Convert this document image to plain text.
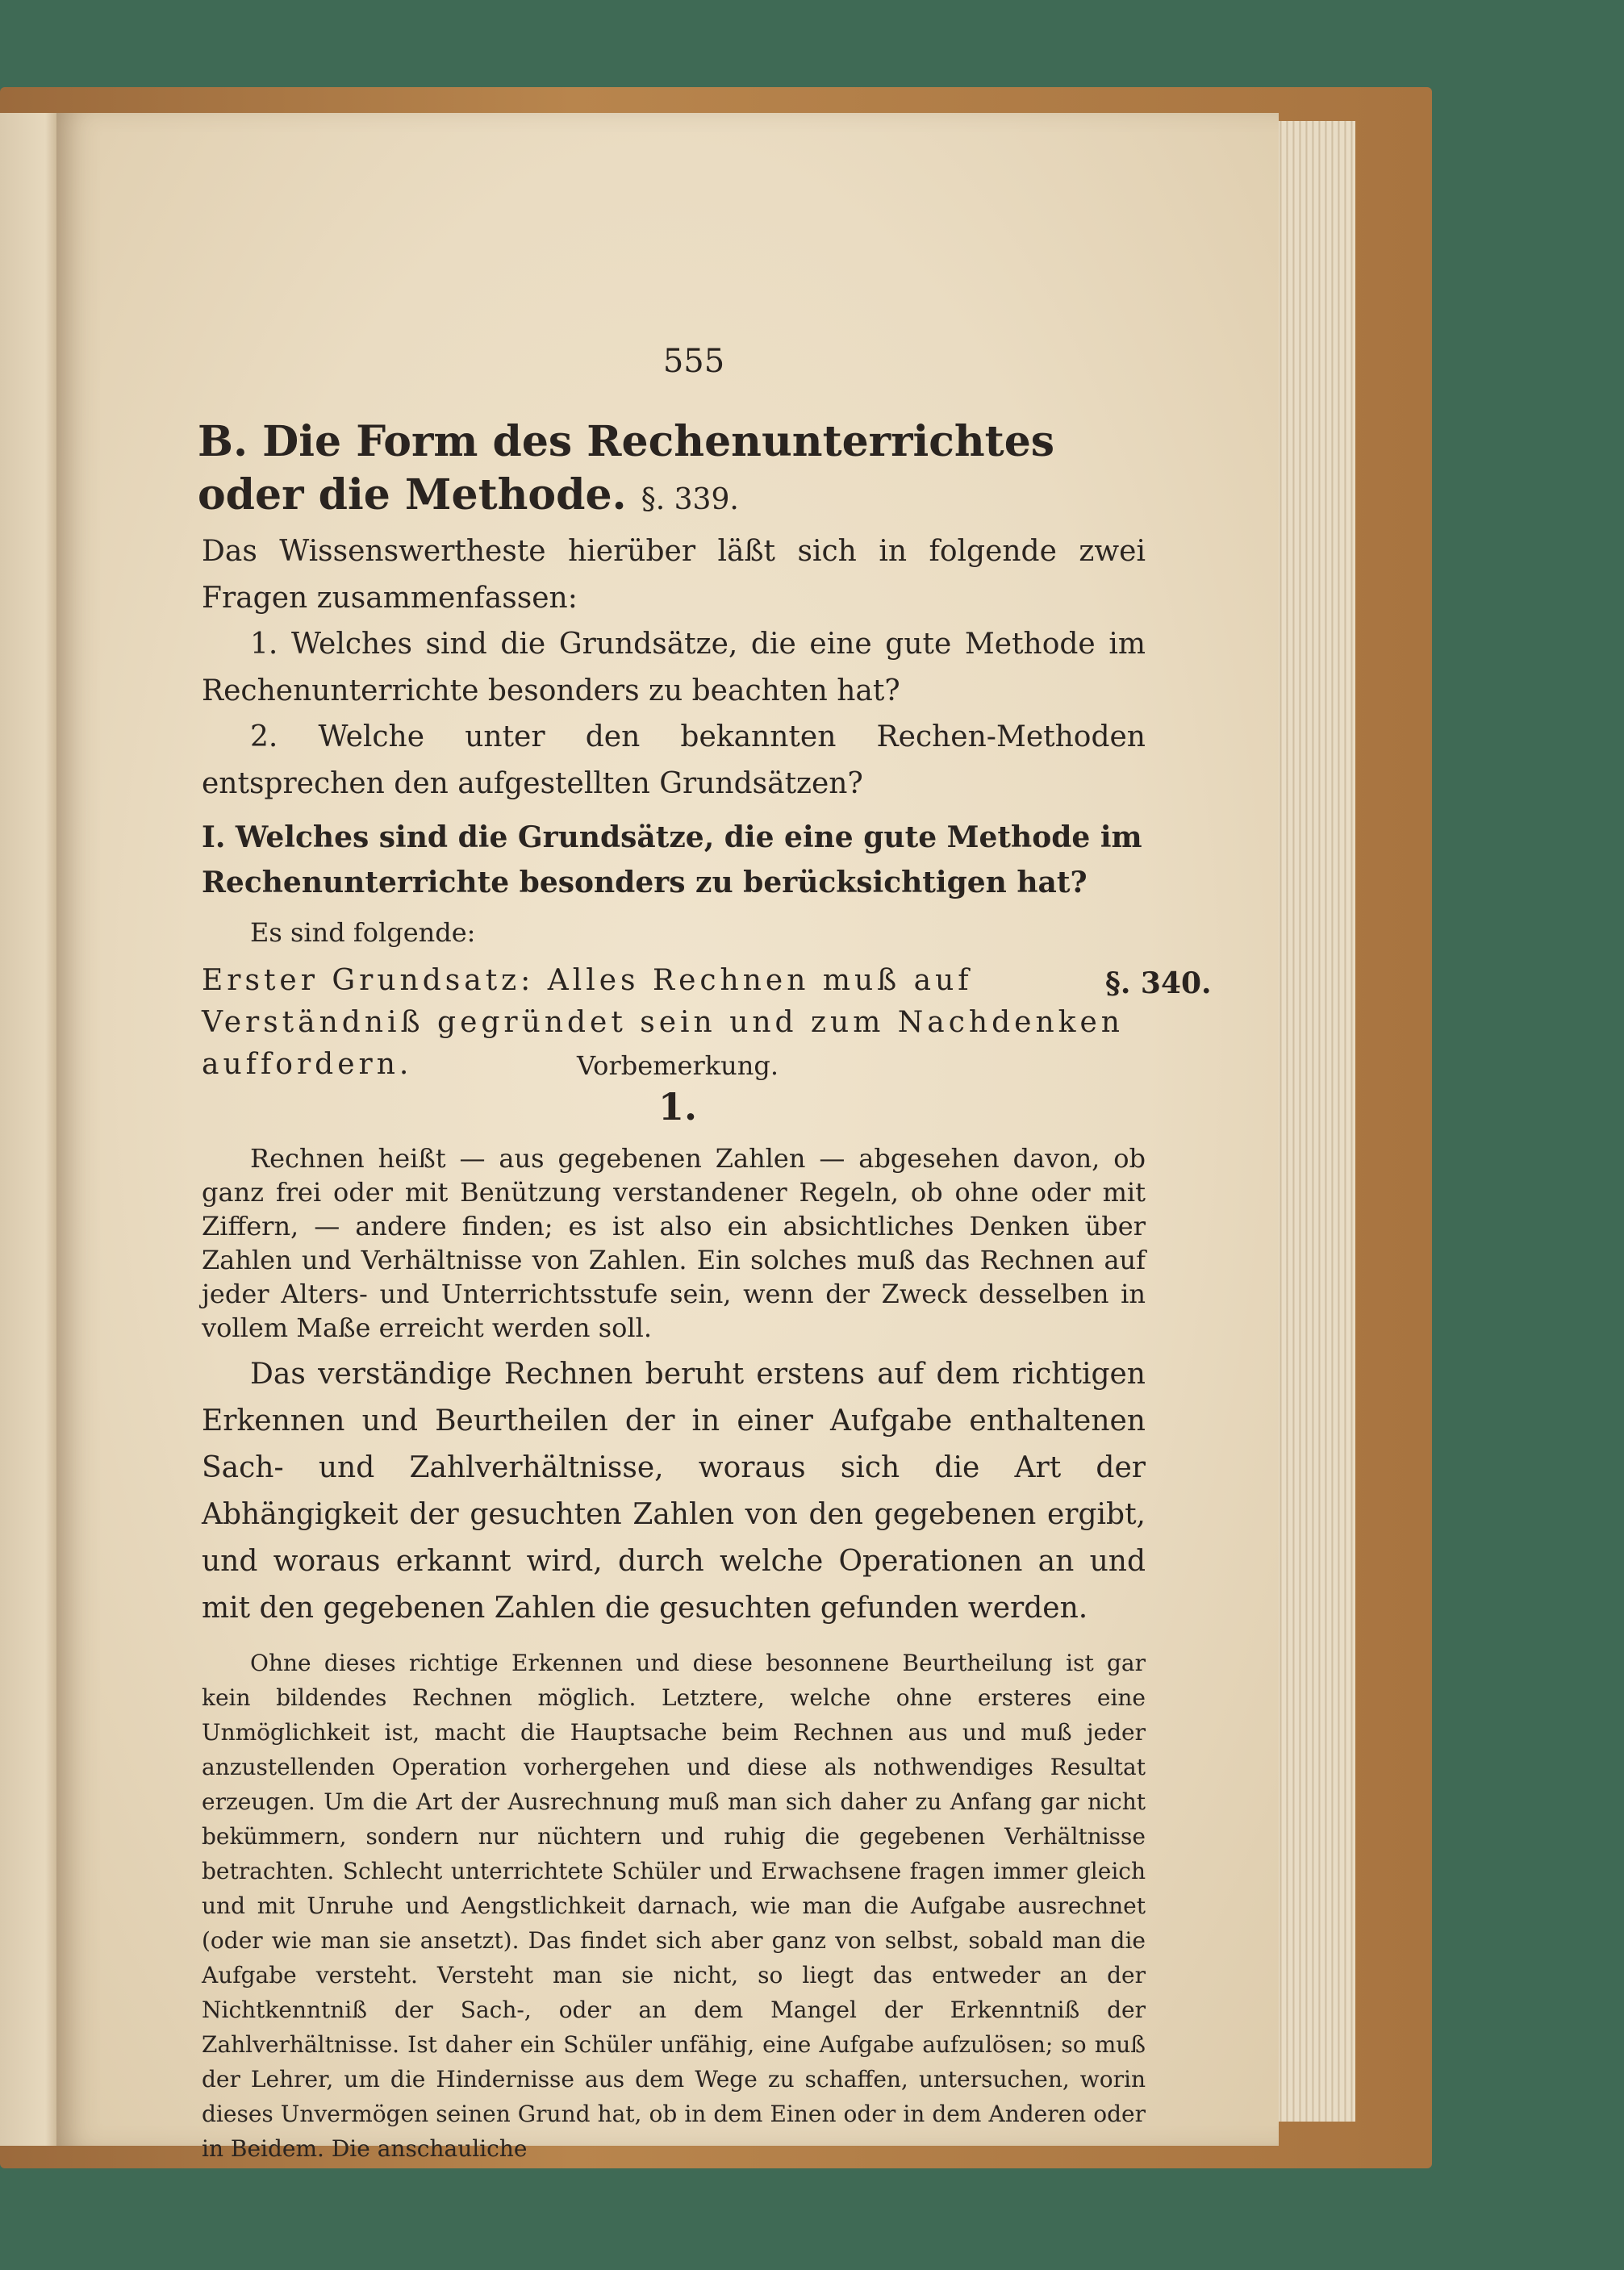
555
B. Die Form des Rechenunterrichtes oder die Methode. §. 339.
Das Wissenswertheste hierüber läßt sich in folgende zwei Fragen zusammenfassen:
1. Welches sind die Grundsätze, die eine gute Methode im Rechenunterrichte besonders zu beachten hat?
2. Welche unter den bekannten Rechen-Methoden entsprechen den aufgestellten Grundsätzen?
I. Welches sind die Grundsätze, die eine gute Methode im Rechenunterrichte besonders zu berücksichtigen hat?
Es sind folgende:
Erster Grundsatz: Alles Rechnen muß auf Verständniß gegründet sein und zum Nachdenken auffordern.
§. 340.
Vorbemerkung.
1.
Rechnen heißt — aus gegebenen Zahlen — abgesehen davon, ob ganz frei oder mit Benützung verstandener Regeln, ob ohne oder mit Ziffern, — andere finden; es ist also ein absichtliches Denken über Zahlen und Verhältnisse von Zahlen. Ein solches muß das Rechnen auf jeder Alters- und Unterrichtsstufe sein, wenn der Zweck desselben in vollem Maße erreicht werden soll.
Das verständige Rechnen beruht erstens auf dem richtigen Erkennen und Beurtheilen der in einer Aufgabe enthaltenen Sach- und Zahlverhältnisse, woraus sich die Art der Abhängigkeit der gesuchten Zahlen von den gegebenen ergibt, und woraus erkannt wird, durch welche Operationen an und mit den gegebenen Zahlen die gesuchten gefunden werden.
Ohne dieses richtige Erkennen und diese besonnene Beurtheilung ist gar kein bildendes Rechnen möglich. Letztere, welche ohne ersteres eine Unmöglichkeit ist, macht die Hauptsache beim Rechnen aus und muß jeder anzustellenden Operation vorhergehen und diese als nothwendiges Resultat erzeugen. Um die Art der Ausrechnung muß man sich daher zu Anfang gar nicht bekümmern, sondern nur nüchtern und ruhig die gegebenen Verhältnisse betrachten. Schlecht unterrichtete Schüler und Erwachsene fragen immer gleich und mit Unruhe und Aengstlichkeit darnach, wie man die Aufgabe ausrechnet (oder wie man sie ansetzt). Das findet sich aber ganz von selbst, sobald man die Aufgabe versteht. Versteht man sie nicht, so liegt das entweder an der Nichtkenntniß der Sach-, oder an dem Mangel der Erkenntniß der Zahlverhältnisse. Ist daher ein Schüler unfähig, eine Aufgabe aufzulösen; so muß der Lehrer, um die Hindernisse aus dem Wege zu schaffen, untersuchen, worin dieses Unvermögen seinen Grund hat, ob in dem Einen oder in dem Anderen oder in Beidem. Die anschauliche
